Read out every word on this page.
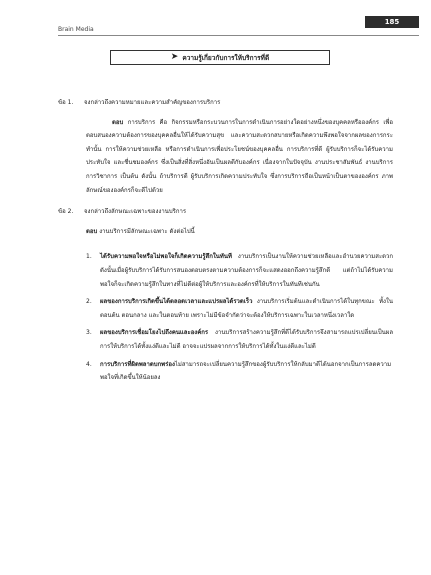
Brain Media
185
➤ ความรู้เกี่ยวกับการให้บริการที่ดี
ข้อ 1.	จงกล่าวถึงความหมายและความสำคัญของการบริการ
ตอบ การบริการ คือ กิจกรรมหรือกระบวนการในการดำเนินการอย่างใดอย่างหนึ่งของบุคคลหรือองค์กร เพื่อตอบสนองความต้องการของบุคคลอื่นให้ได้รับความสุข และความสะดวกสบายหรือเกิดความพึงพอใจจากผลของการกระทำนั้น การให้ความช่วยเหลือ หรือการดำเนินการเพื่อประโยชน์ของบุคคลอื่น การบริการที่ดี ผู้รับบริการก็จะได้รับความประทับใจ และชื่นชมองค์กร ซึ่งเป็นสิ่งที่สิ่งหนึ่งอันเป็นผลดีกับองค์กร เนื่องจากในปัจจุบัน งานประชาสัมพันธ์ งานบริการการวิชาการ เป็นต้น ดังนั้น ถ้าบริการดี ผู้รับบริการเกิดความประทับใจ ซึ่งการบริการถือเป็นหน้าเป็นตาขององค์กร ภาพลักษณ์ขององค์กรก็จะดีไปด้วย
ข้อ 2.	จงกล่าวถึงลักษณะเฉพาะของงานบริการ
ตอบ งานบริการมีลักษณะเฉพาะ ดังต่อไปนี้
1.	ได้รับความพอใจหรือไม่พอใจก็เกิดความรู้สึกในทันที งานบริการเป็นงานให้ความช่วยเหลือและอำนวยความสะดวก ดังนั้นเมื่อผู้รับบริการได้รับการสนองตอบตรงตามความต้องการก็จะแสดงออกถึงความรู้สึกดี แต่ถ้าไม่ได้รับความพอใจก็จะเกิดความรู้สึกในทางที่ไม่ดีต่อผู้ให้บริการและองค์กรที่ให้บริการในทันทีเช่นกัน
2.	ผลของการบริการเกิดขึ้นได้ตลอดเวลาและแปรผลได้รวดเร็ว งานบริการเริ่มต้นและดำเนินการได้ในทุกขณะ ทั้งในตอนต้น ตอนกลาง และในตอนท้าย เพราะไม่มีข้อจำกัดว่าจะต้องให้บริการเฉพาะในเวลาหนึ่งเวลาใด
3.	ผลของบริการเชื่อมโยงไปถึงคนและองค์กร งานบริการสร้างความรู้สึกที่ดีได้รับบริการจึงสามารถแปรเปลี่ยนเป็นผลการให้บริการได้ทั้งแง่ดีและไม่ดี อาจจะแปรผลจากการให้บริการได้ทั้งในแง่ดีและไม่ดี
4.	การบริการที่ผิดพลาดบกพร่องไม่สามารถจะเปลี่ยนความรู้สึกของผู้รับบริการให้กลับมาดีได้นอกจากเป็นการลดความพอใจที่เกิดขึ้นให้น้อยลง
